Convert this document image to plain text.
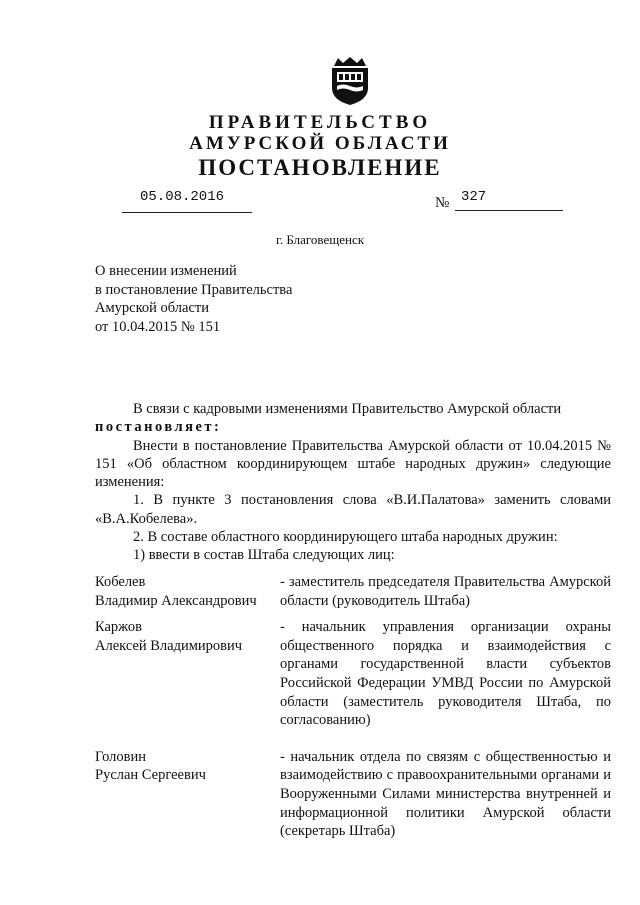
ПРАВИТЕЛЬСТВО
АМУРСКОЙ ОБЛАСТИ
ПОСТАНОВЛЕНИЕ
05.08.2016	№ 327
г. Благовещенск
О внесении изменений
в постановление Правительства
Амурской области
от 10.04.2015 № 151

В связи с кадровыми изменениями Правительство Амурской области

постановляет:

Внести в постановление Правительства Амурской области от 10.04.2015 № 151 «Об областном координирующем штабе народных дружин» следующие изменения:

1. В пункте 3 постановления слова «В.И.Палатова» заменить словами «В.А.Кобелева».

2. В составе областного координирующего штаба народных дружин:

1) ввести в состав Штаба следующих лиц:

Кобелев
Владимир Александрович
- заместитель председателя Правительства Амурской области (руководитель Штаба)
Каржов
Алексей Владимирович
- начальник управления организации охраны общественного порядка и взаимодействия с органами государственной власти субъектов Российской Федерации УМВД России по Амурской области (заместитель руководителя Штаба, по согласованию)
Головин
Руслан Сергеевич
- начальник отдела по связям с общественностью и взаимодействию с правоохранительными органами и Вооруженными Силами министерства внутренней и информационной политики Амурской области (секретарь Штаба)
